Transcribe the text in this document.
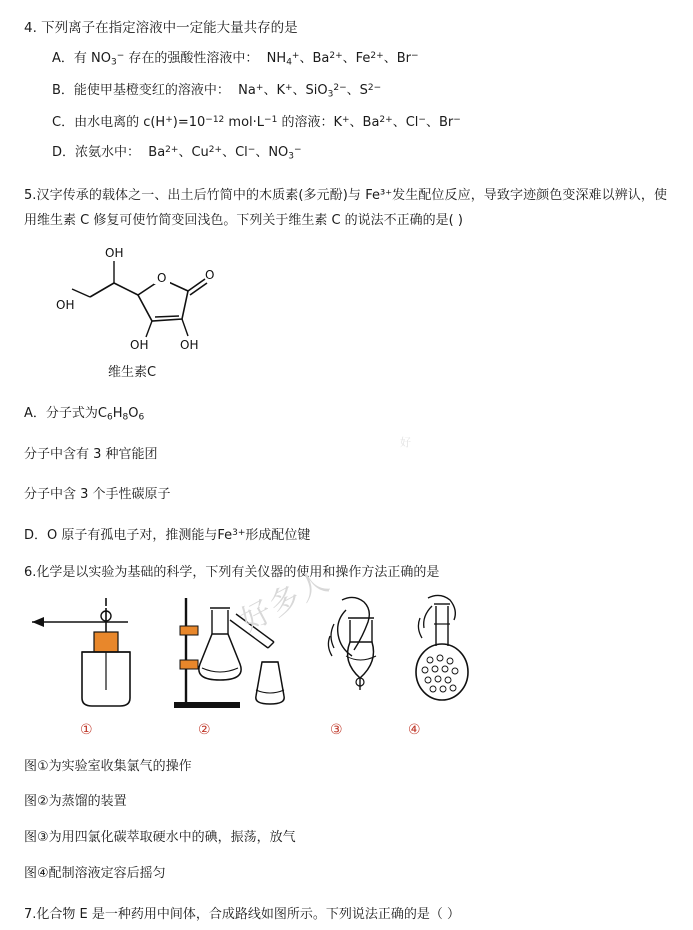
4. 下列离子在指定溶液中一定能大量共存的是
A．有 $NO_3^-$ 存在的强酸性溶液中：  $NH_4^+$、$Ba^{2+}$、$Fe^{2+}$、Br−
B．能使甲基橙变红的溶液中：  Na+、K+、SiO$_3^{2-}$、$S^{2-}$
C．由水电离的 $c(H^+)=10^{-12}$ $mol\cdot L^{-1}$ 的溶液：K+、$Ba^{2+}$、Cl−、Br−
D．浓氨水中：  $Ba^{2+}$、$Cu^{2+}$、Cl−、$NO_3^-$
5.汉字传承的载体之一、出土后竹简中的木质素(多元酚)与 Fe³⁺发生配位反应，导致字迹颜色变深难以辨认，使用维生素 C 修复可使竹简变回浅色。下列关于维生素 C 的说法不正确的是( )
O	O
OH	OH
OH
OH
维生素C
A．分子式为$C_6H_8O_6$
分子中含有 3 种官能团
分子中含 3 个手性碳原子
D．O 原子有孤电子对，推测能与$Fe^{3+}$形成配位键
6.化学是以实验为基础的科学，下列有关仪器的使用和操作方法正确的是
①	②	③	④
图①为实验室收集氯气的操作
图②为蒸馏的装置
图③为用四氯化碳萃取硬水中的碘，振荡，放气
图④配制溶液定容后摇匀
7.化合物 E 是一种药用中间体，合成路线如图所示。下列说法正确的是（ ）
好多人
好
